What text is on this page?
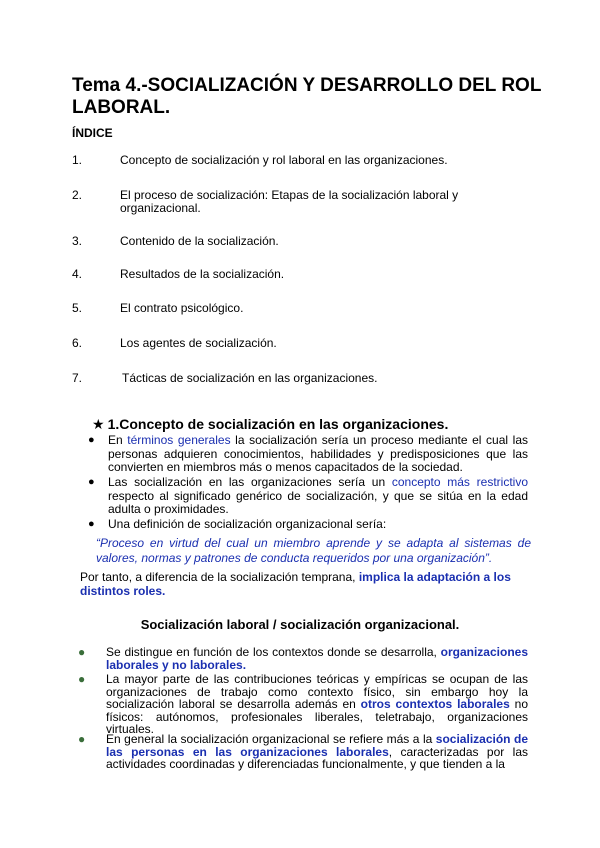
Tema 4.-SOCIALIZACIÓN Y DESARROLLO DEL ROL LABORAL.
ÍNDICE
1.	Concepto de socialización y rol laboral en las organizaciones.
2.	El proceso de socialización: Etapas de la socialización laboral y organizacional.
3.	Contenido de la socialización.
4.	Resultados de la socialización.
5.	El contrato psicológico.
6.	Los agentes de socialización.
7.	Tácticas de socialización en las organizaciones.
★ 1.Concepto de socialización en las organizaciones.
● En términos generales la socialización sería un proceso mediante el cual las personas adquieren conocimientos, habilidades y predisposiciones que las convierten en miembros más o menos capacitados de la sociedad.
● Las socialización en las organizaciones sería un concepto más restrictivo respecto al significado genérico de socialización, y que se sitúa en la edad adulta o proximidades.
● Una definición de socialización organizacional sería:
“Proceso en virtud del cual un miembro aprende y se adapta al sistemas de valores, normas y patrones de conducta requeridos por una organización”.
Por tanto, a diferencia de la socialización temprana, implica la adaptación a los distintos roles.
Socialización laboral / socialización organizacional.
● Se distingue en función de los contextos donde se desarrolla, organizaciones laborales y no laborales.
● La mayor parte de las contribuciones teóricas y empíricas se ocupan de las organizaciones de trabajo como contexto físico, sin embargo hoy la socialización laboral se desarrolla además en otros contextos laborales no físicos: autónomos, profesionales liberales, teletrabajo, organizaciones virtuales.
● En general la socialización organizacional se refiere más a la socialización de las personas en las organizaciones laborales, caracterizadas por las actividades coordinadas y diferenciadas funcionalmente, y que tienden a la
